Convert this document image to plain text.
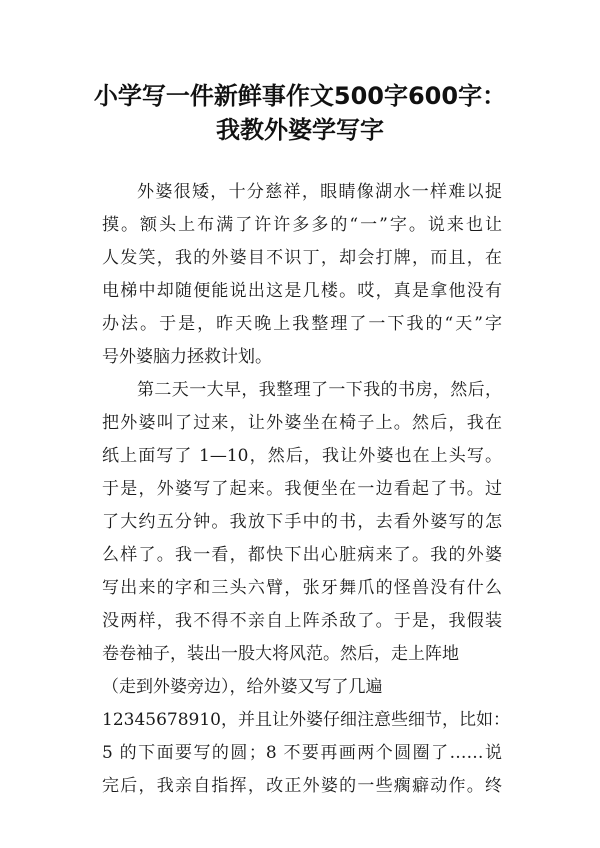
小学写一件新鲜事作文500字600字：
我教外婆学写字

外婆很矮，十分慈祥，眼睛像湖水一样难以捉

摸。额头上布满了许许多多的“一”字。说来也让

人发笑，我的外婆目不识丁，却会打牌，而且，在

电梯中却随便能说出这是几楼。哎，真是拿他没有

办法。于是，昨天晚上我整理了一下我的“天”字

号外婆脑力拯救计划。

第二天一大早，我整理了一下我的书房，然后，

把外婆叫了过来，让外婆坐在椅子上。然后，我在

纸上面写了 1—10，然后，我让外婆也在上头写。

于是，外婆写了起来。我便坐在一边看起了书。过

了大约五分钟。我放下手中的书，去看外婆写的怎

么样了。我一看，都快下出心脏病来了。我的外婆

写出来的字和三头六臂，张牙舞爪的怪兽没有什么

没两样，我不得不亲自上阵杀敌了。于是，我假装

卷卷袖子，装出一股大将风范。然后，走上阵地

（走到外婆旁边），给外婆又写了几遍

12345678910，并且让外婆仔细注意些细节，比如：

5 的下面要写的圆；8 不要再画两个圆圈了……说

完后，我亲自指挥，改正外婆的一些瘸癖动作。终
